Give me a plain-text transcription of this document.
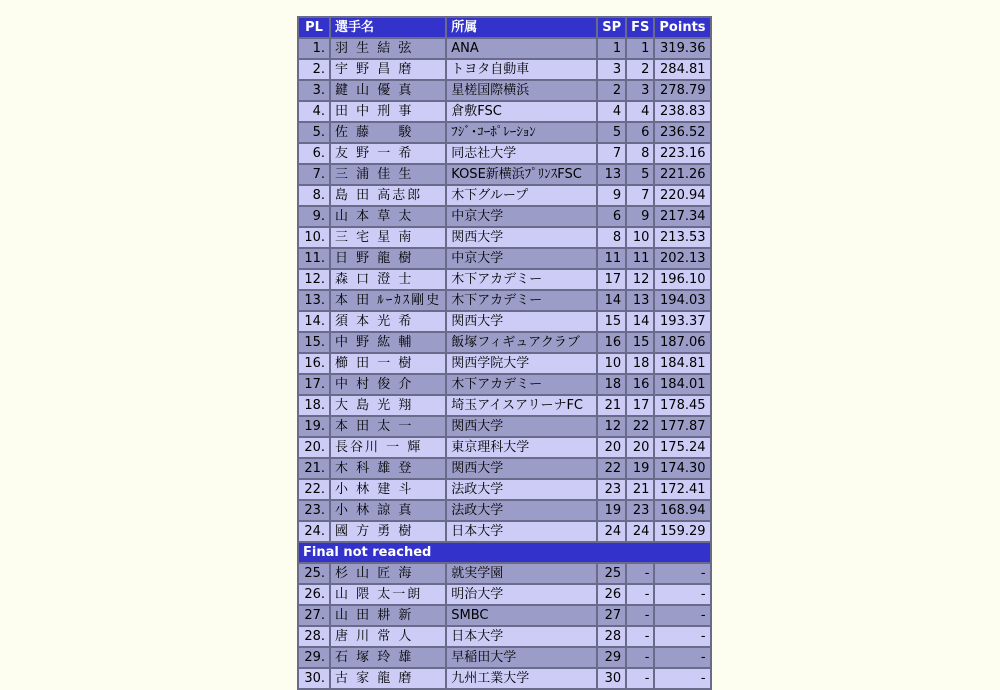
PL	選手名	所属	SP	FS	Points
1.	羽 生 結 弦	ANA	1	1	319.36
2.	宇 野 昌 磨	トヨタ自動車	3	2	284.81
3.	鍵 山 優 真	星槎国際横浜	2	3	278.79
4.	田 中 刑 事	倉敷FSC	4	4	238.83
5.	佐 藤 　 駿	ﾌｼﾞ･ｺｰﾎﾟﾚｰｼｮﾝ	5	6	236.52
6.	友 野 一 希	同志社大学	7	8	223.16
7.	三 浦 佳 生	KOSE新横浜ﾌﾟﾘﾝｽFSC	13	5	221.26
8.	島 田 高志郎	木下グループ	9	7	220.94
9.	山 本 草 太	中京大学	6	9	217.34
10.	三 宅 星 南	関西大学	8	10	213.53
11.	日 野 龍 樹	中京大学	11	11	202.13
12.	森 口 澄 士	木下アカデミー	17	12	196.10
13.	本 田 ﾙｰｶｽ剛史	木下アカデミー	14	13	194.03
14.	須 本 光 希	関西大学	15	14	193.37
15.	中 野 紘 輔	飯塚フィギュアクラブ	16	15	187.06
16.	櫛 田 一 樹	関西学院大学	10	18	184.81
17.	中 村 俊 介	木下アカデミー	18	16	184.01
18.	大 島 光 翔	埼玉アイスアリーナFC	21	17	178.45
19.	本 田 太 一	関西大学	12	22	177.87
20.	長谷川 一 輝	東京理科大学	20	20	175.24
21.	木 科 雄 登	関西大学	22	19	174.30
22.	小 林 建 斗	法政大学	23	21	172.41
23.	小 林 諒 真	法政大学	19	23	168.94
24.	國 方 勇 樹	日本大学	24	24	159.29
Final not reached					
25.	杉 山 匠 海	就実学園	25	-	-
26.	山 隈 太一朗	明治大学	26	-	-
27.	山 田 耕 新	SMBC	27	-	-
28.	唐 川 常 人	日本大学	28	-	-
29.	石 塚 玲 雄	早稲田大学	29	-	-
30.	古 家 龍 磨	九州工業大学	30	-	-
